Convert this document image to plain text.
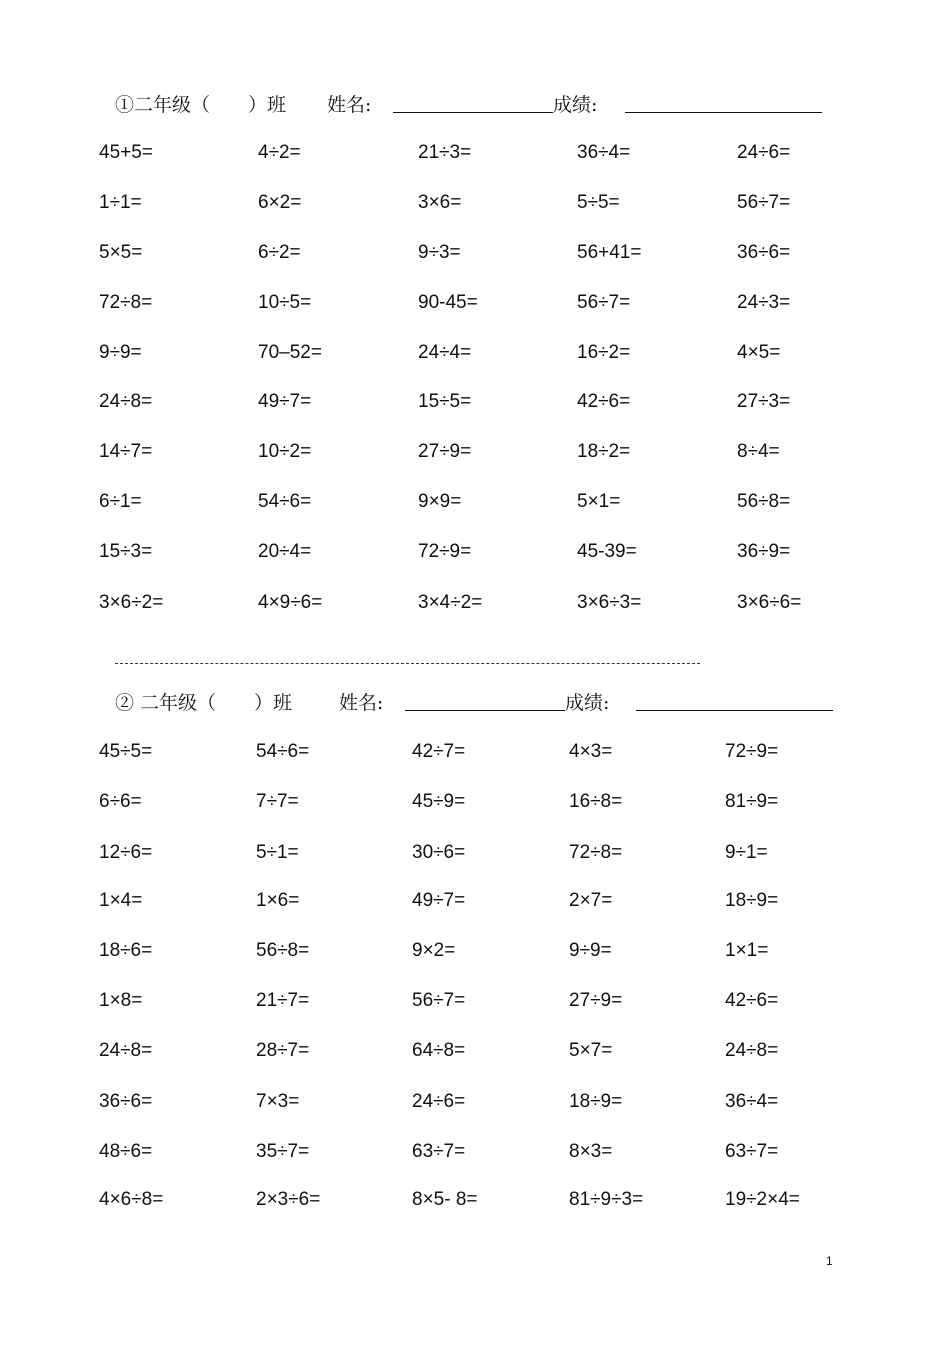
①二年级（　　）班 姓名:	成绩:
45+5=	4÷2=	21÷3=	36÷4=	24÷6=
1÷1=	6×2=	3×6=	5÷5=	56÷7=
5×5=	6÷2=	9÷3=	56+41=	36÷6=
72÷8=	10÷5=	90-45=	56÷7=	24÷3=
9÷9=	70–52=	24÷4=	16÷2=	4×5=
24÷8=	49÷7=	15÷5=	42÷6=	27÷3=
14÷7=	10÷2=	27÷9=	18÷2=	8÷4=
6÷1=	54÷6=	9×9=	5×1=	56÷8=
15÷3=	20÷4=	72÷9=	45-39=	36÷9=
3×6÷2=	4×9÷6=	3×4÷2=	3×6÷3=	3×6÷6=
② 二年级（　　）班 姓名:	成绩:
45÷5=	54÷6=	42÷7=	4×3=	72÷9=
6÷6=	7÷7=	45÷9=	16÷8=	81÷9=
12÷6=	5÷1=	30÷6=	72÷8=	9÷1=
1×4=	1×6=	49÷7=	2×7=	18÷9=
18÷6=	56÷8=	9×2=	9÷9=	1×1=
1×8=	21÷7=	56÷7=	27÷9=	42÷6=
24÷8=	28÷7=	64÷8=	5×7=	24÷8=
36÷6=	7×3=	24÷6=	18÷9=	36÷4=
48÷6=	35÷7=	63÷7=	8×3=	63÷7=
4×6÷8=	2×3÷6=	8×5- 8=	81÷9÷3=	19÷2×4=
1
